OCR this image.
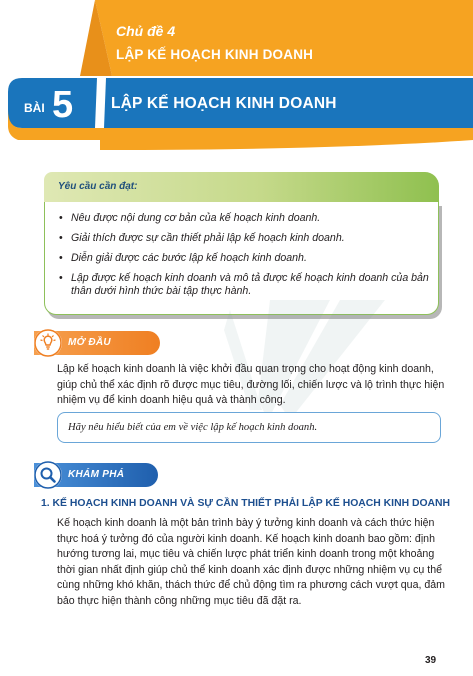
Chủ đề 4
LẬP KẾ HOẠCH KINH DOANH
BÀI 5 LẬP KẾ HOẠCH KINH DOANH
Yêu cầu cần đạt:
• Nêu được nội dung cơ bản của kế hoạch kinh doanh.
• Giải thích được sự cần thiết phải lập kế hoạch kinh doanh.
• Diễn giải được các bước lập kế hoạch kinh doanh.
• Lập được kế hoạch kinh doanh và mô tả được kế hoạch kinh doanh của bản thân dưới hình thức bài tập thực hành.
MỞ ĐẦU
Lập kế hoạch kinh doanh là việc khởi đầu quan trọng cho hoạt động kinh doanh, giúp chủ thể xác định rõ được mục tiêu, đường lối, chiến lược và lộ trình thực hiện nhiệm vụ để kinh doanh hiệu quả và thành công.
Hãy nêu hiểu biết của em về việc lập kế hoạch kinh doanh.
KHÁM PHÁ
1. KẾ HOẠCH KINH DOANH VÀ SỰ CẦN THIẾT PHẢI LẬP KẾ HOẠCH KINH DOANH
Kế hoạch kinh doanh là một bản trình bày ý tưởng kinh doanh và cách thức hiện thực hoá ý tưởng đó của người kinh doanh. Kế hoạch kinh doanh bao gồm: định hướng tương lai, mục tiêu và chiến lược phát triển kinh doanh trong một khoảng thời gian nhất định giúp chủ thể kinh doanh xác định được những nhiệm vụ cụ thể cùng những khó khăn, thách thức để chủ động tìm ra phương cách vượt qua, đảm bảo thực hiện thành công những mục tiêu đã đặt ra.
39
